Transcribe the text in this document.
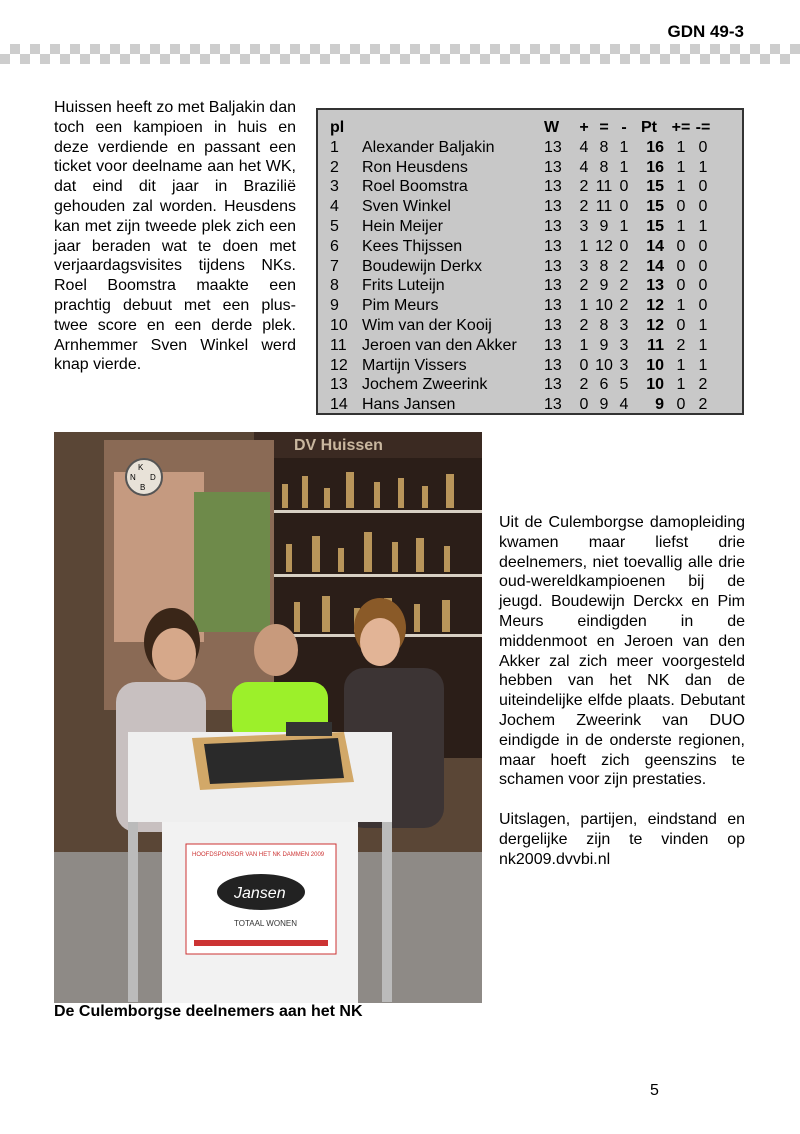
GDN 49-3
Huissen heeft zo met Baljakin dan toch een kampioen in huis en deze verdiende en passant een ticket voor deelname aan het WK, dat eind dit jaar in Brazilië gehouden zal worden. Heusdens kan met zijn tweede plek zich een jaar beraden wat te doen met verjaardagsvisites tijdens NKs. Roel Boomstra maakte een prachtig debuut met een plus-twee score en een derde plek. Arnhemmer Sven Winkel werd knap vierde.
pl		W	+	=	-	Pt	+=	-=
1	Alexander Baljakin	13	4	8	1	16	1	0
2	Ron Heusdens	13	4	8	1	16	1	1
3	Roel Boomstra	13	2	11	0	15	1	0
4	Sven Winkel	13	2	11	0	15	0	0
5	Hein Meijer	13	3	9	1	15	1	1
6	Kees Thijssen	13	1	12	0	14	0	0
7	Boudewijn Derkx	13	3	8	2	14	0	0
8	Frits Luteijn	13	2	9	2	13	0	0
9	Pim Meurs	13	1	10	2	12	1	0
10	Wim van der Kooij	13	2	8	3	12	0	1
11	Jeroen van den Akker	13	1	9	3	11	2	1
12	Martijn Vissers	13	0	10	3	10	1	1
13	Jochem Zweerink	13	2	6	5	10	1	2
14	Hans Jansen	13	0	9	4	9	0	2
DV Huissen
K
N D
B
HOOFDSPONSOR VAN HET NK DAMMEN 2009
Jansen
TOTAAL WONEN

Uit de Culemborgse damopleiding kwamen maar liefst drie deelnemers, niet toevallig alle drie oud-wereldkampioenen bij de jeugd. Boudewijn Derckx en Pim Meurs eindigden in de middenmoot en Jeroen van den Akker zal zich meer voorgesteld hebben van het NK dan de uiteindelijke elfde plaats. Debutant Jochem Zweerink van DUO eindigde in de onderste regionen, maar hoeft zich geenszins te schamen voor zijn prestaties.

Uitslagen, partijen, eindstand en dergelijke zijn te vinden op nk2009.dvvbi.nl

De Culemborgse deelnemers aan het NK
5
